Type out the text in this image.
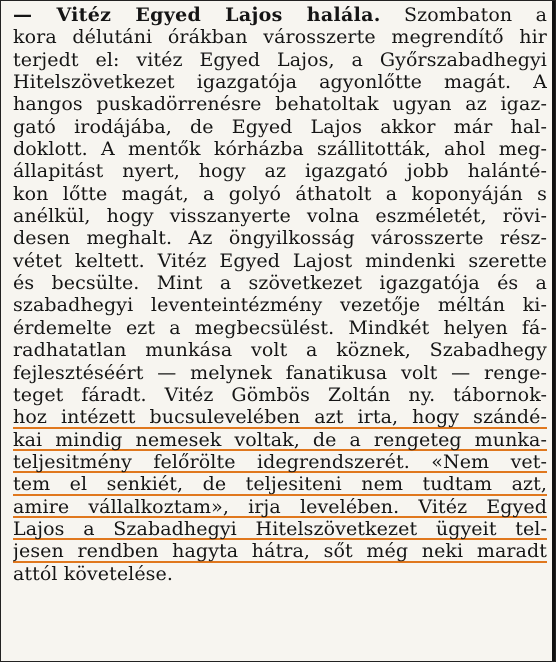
— Vitéz Egyed Lajos halála. Szombaton a
kora délutáni órákban városszerte megrendítő hir
terjedt el: vitéz Egyed Lajos, a Győrszabadhegyi
Hitelszövetkezet igazgatója agyonlőtte magát. A
hangos puskadörrenésre behatoltak ugyan az igaz-
gató irodájába, de Egyed Lajos akkor már hal-
doklott. A mentők kórházba szállitották, ahol meg-
állapitást nyert, hogy az igazgató jobb halánté-
kon lőtte magát, a golyó áthatolt a koponyáján s
anélkül, hogy visszanyerte volna eszméletét, rövi-
desen meghalt. Az öngyilkosság városszerte rész-
vétet keltett. Vitéz Egyed Lajost mindenki szerette
és becsülte. Mint a szövetkezet igazgatója és a
szabadhegyi leventeintézmény vezetője méltán ki-
érdemelte ezt a megbecsülést. Mindkét helyen fá-
radhatatlan munkása volt a köznek, Szabadhegy
fejlesztéséért — melynek fanatikusa volt — renge-
teget fáradt. Vitéz Gömbös Zoltán ny. tábornok-
hoz intézett bucsulevelében azt irta, hogy szándé-
kai mindig nemesek voltak, de a rengeteg munka-
teljesitmény felőrölte idegrendszerét. «Nem vet-
tem el senkiét, de teljesiteni nem tudtam azt,
amire vállalkoztam», irja levelében. Vitéz Egyed
Lajos a Szabadhegyi Hitelszövetkezet ügyeit tel-
jesen rendben hagyta hátra, sőt még neki maradt
attól követelése.
